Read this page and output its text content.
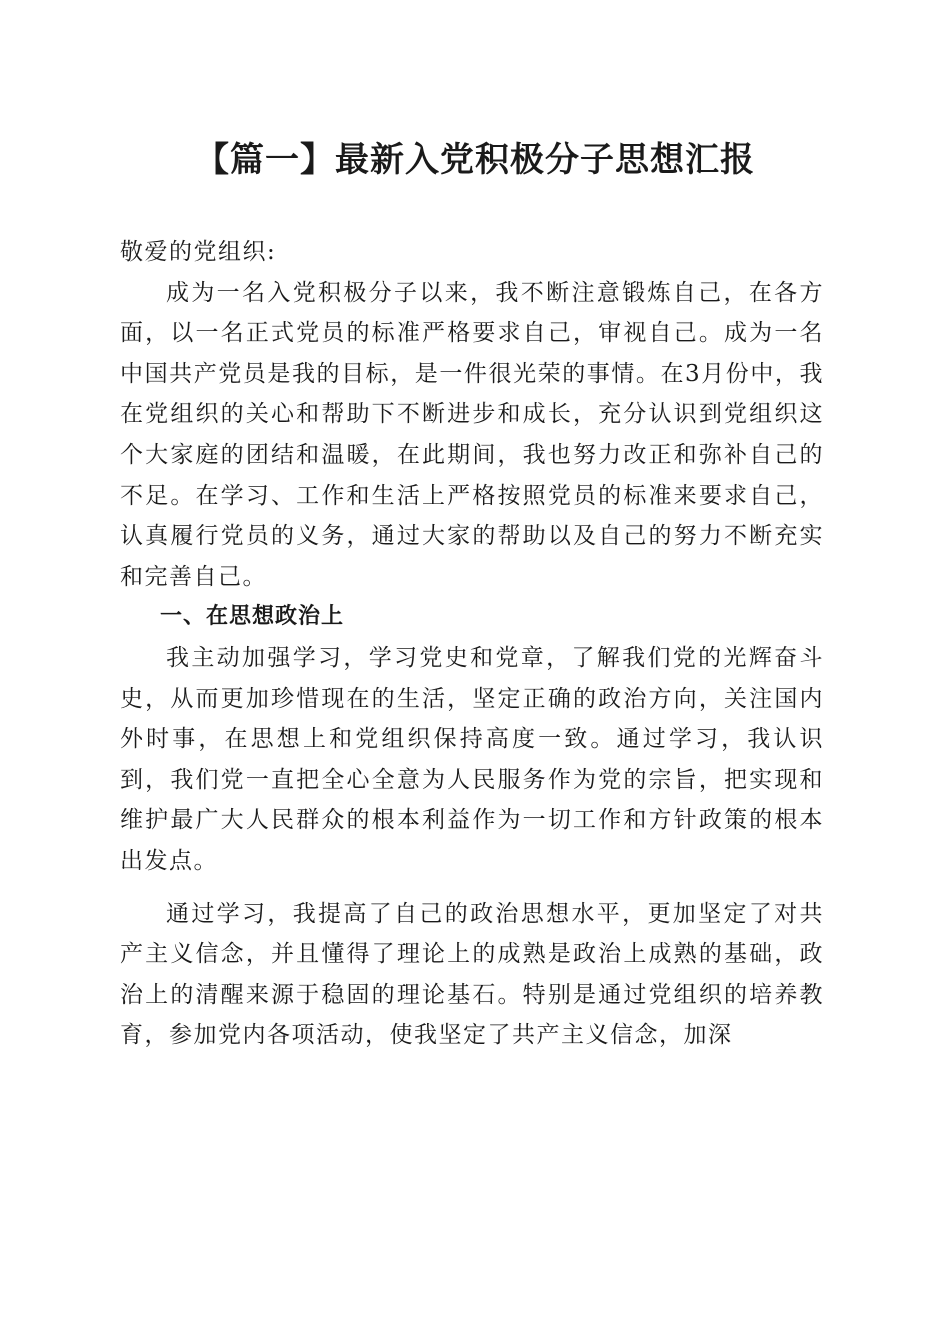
【篇一】最新入党积极分子思想汇报

敬爱的党组织:

成为一名入党积极分子以来，我不断注意锻炼自己，在各方面，以一名正式党员的标准严格要求自己，审视自己。成为一名中国共产党员是我的目标，是一件很光荣的事情。在3月份中，我在党组织的关心和帮助下不断进步和成长，充分认识到党组织这个大家庭的团结和温暖，在此期间，我也努力改正和弥补自己的不足。在学习、工作和生活上严格按照党员的标准来要求自己，认真履行党员的义务，通过大家的帮助以及自己的努力不断充实和完善自己。

一、在思想政治上

我主动加强学习，学习党史和党章，了解我们党的光辉奋斗史，从而更加珍惜现在的生活，坚定正确的政治方向，关注国内外时事，在思想上和党组织保持高度一致。通过学习，我认识到，我们党一直把全心全意为人民服务作为党的宗旨，把实现和维护最广大人民群众的根本利益作为一切工作和方针政策的根本出发点。

通过学习，我提高了自己的政治思想水平，更加坚定了对共产主义信念，并且懂得了理论上的成熟是政治上成熟的基础，政治上的清醒来源于稳固的理论基石。特别是通过党组织的培养教育，参加党内各项活动，使我坚定了共产主义信念，加深
